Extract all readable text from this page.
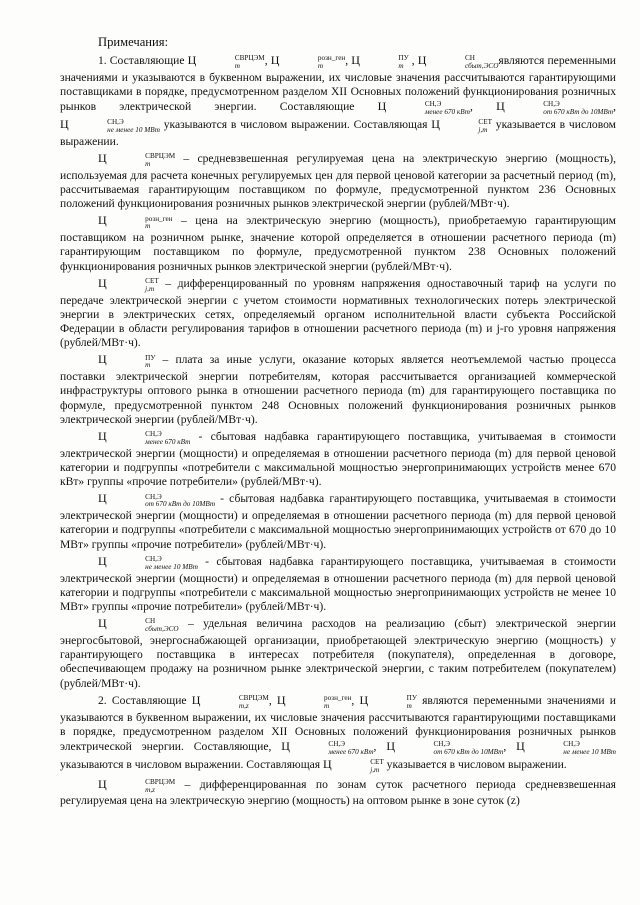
Примечания:

1. Составляющие Ц	СВРЦЭМ
m	, Ц	розн_ген
m	, Ц	ПУ
m , Ц	СН
сбыт,ЭСО являются переменными значениями и указываются в буквенном выражении, их числовые значения рассчитываются гарантирующими поставщиками в порядке, предусмотренном разделом XII Основных положений функционирования розничных рынков электрической энергии. Составляющие Ц	СН,Э
менее 670 кВт , Ц	СН,Э
от 670 кВт до 10МВт , Ц	СН,Э
не менее 10 МВт указываются в числовом выражении. Составляющая Ц	СЕТ
j,m указывается в числовом выражении.

Ц	СВРЦЭМ
m	– средневзвешенная регулируемая цена на электрическую энергию (мощность), используемая для расчета конечных регулируемых цен для первой ценовой категории за расчетный период (m), рассчитываемая гарантирующим поставщиком по формуле, предусмотренной пунктом 236 Основных положений функционирования розничных рынков электрической энергии (рублей/МВт·ч).

Ц	розн_ген
m	– цена на электрическую энергию (мощность), приобретаемую гарантирующим поставщиком на розничном рынке, значение которой определяется в отношении расчетного периода (m) гарантирующим поставщиком по формуле, предусмотренной пунктом 238 Основных положений функционирования розничных рынков электрической энергии (рублей/МВт·ч).

Ц	СЕТ
j,m – дифференцированный по уровням напряжения одноставочный тариф на услуги по передаче электрической энергии с учетом стоимости нормативных технологических потерь электрической энергии в электрических сетях, определяемый органом исполнительной власти субъекта Российской Федерации в области регулирования тарифов в отношении расчетного периода (m) и j-го уровня напряжения (рублей/МВт·ч).

Ц	ПУ
m – плата за иные услуги, оказание которых является неотъемлемой частью процесса поставки электрической энергии потребителям, которая рассчитывается организацией коммерческой инфраструктуры оптового рынка в отношении расчетного периода (m) для гарантирующего поставщика по формуле, предусмотренной пунктом 248 Основных положений функционирования розничных рынков электрической энергии (рублей/МВт·ч).

Ц	СН,Э
менее 670 кВт - сбытовая надбавка гарантирующего поставщика, учитываемая в стоимости электрической энергии (мощности) и определяемая в отношении расчетного периода (m) для первой ценовой категории и подгруппы «потребители с максимальной мощностью энергопринимающих устройств менее 670 кВт» группы «прочие потребители» (рублей/МВт·ч).

Ц	СН,Э
от 670 кВт до 10МВт - сбытовая надбавка гарантирующего поставщика, учитываемая в стоимости электрической энергии (мощности) и определяемая в отношении расчетного периода (m) для первой ценовой категории и подгруппы «потребители с максимальной мощностью энергопринимающих устройств от 670 до 10 МВт» группы «прочие потребители» (рублей/МВт·ч).

Ц	СН,Э
не менее 10 МВт - сбытовая надбавка гарантирующего поставщика, учитываемая в стоимости электрической энергии (мощности) и определяемая в отношении расчетного периода (m) для первой ценовой категории и подгруппы «потребители с максимальной мощностью энергопринимающих устройств не менее 10 МВт» группы «прочие потребители» (рублей/МВт·ч).

Ц	СН
сбыт,ЭСО – удельная величина расходов на реализацию (сбыт) электрической энергии энергосбытовой, энергоснабжающей организации, приобретающей электрическую энергию (мощность) у гарантирующего поставщика в интересах потребителя (покупателя), определенная в договоре, обеспечивающем продажу на розничном рынке электрической энергии, с таким потребителем (покупателем) (рублей/МВт·ч).

2. Составляющие Ц	СВРЦЭМ
m,z	, Ц	розн_ген
m	, Ц	ПУ
m являются переменными значениями и указываются в буквенном выражении, их числовые значения рассчитываются гарантирующими поставщиками в порядке, предусмотренном разделом XII Основных положений функционирования розничных рынков электрической энергии. Составляющие, Ц	СН,Э
менее 670 кВт , Ц	СН,Э
от 670 кВт до 10МВт , Ц	СН,Э
не менее 10 МВт
указываются в числовом выражении. Составляющая Ц	СЕТ
j,m указывается в числовом выражении.

Ц	СВРЦЭМ
m,z	– дифференцированная по зонам суток расчетного периода средневзвешенная регулируемая цена на электрическую энергию (мощность) на оптовом рынке в зоне суток (z)
